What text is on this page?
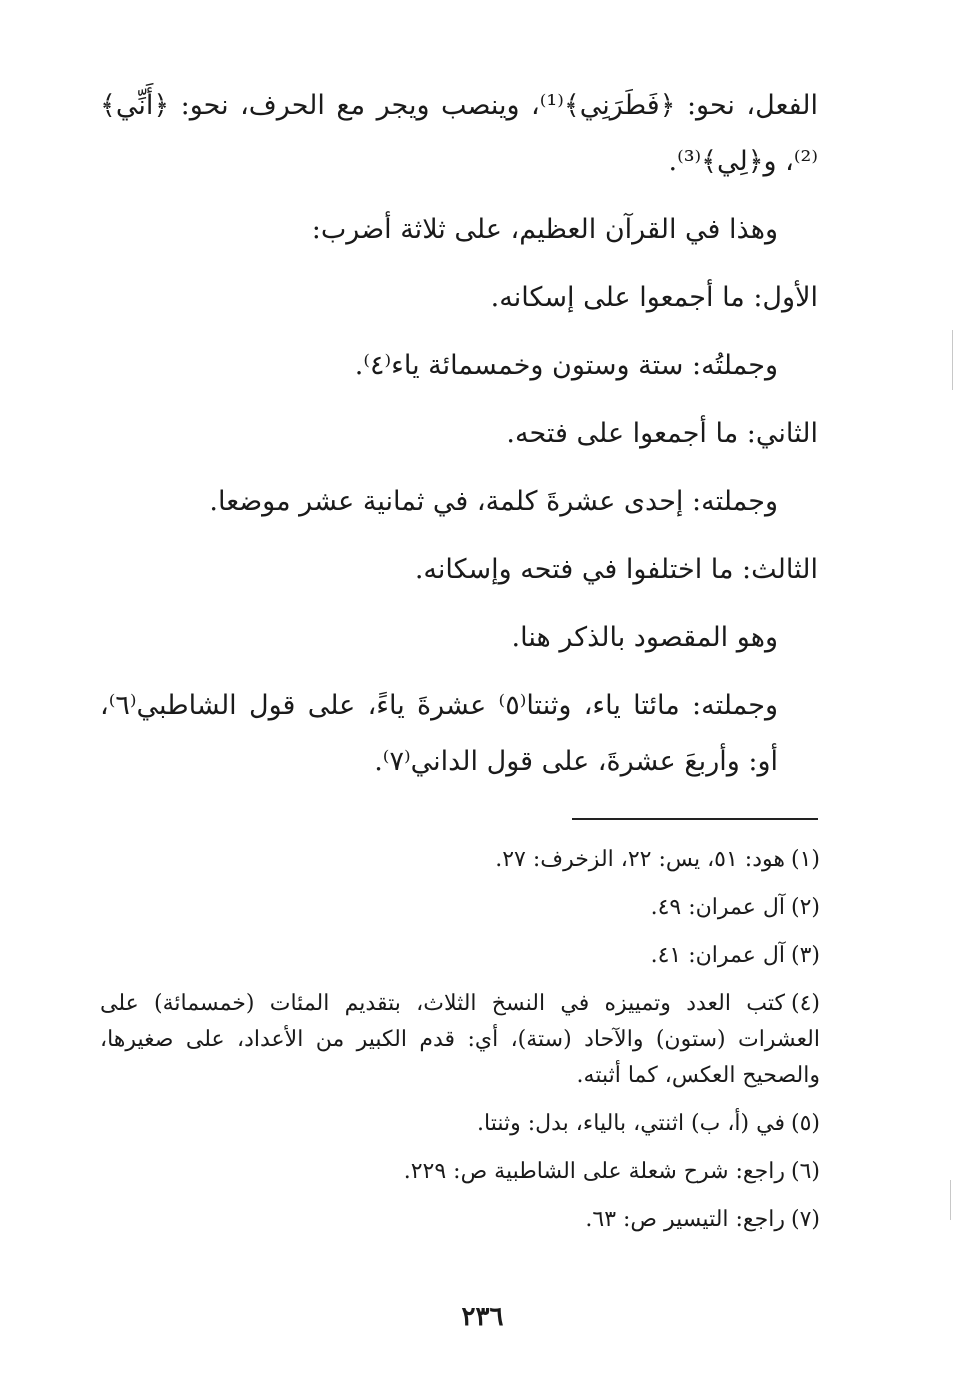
الفعل، نحو: ﴿فَطَرَنِي﴾⁽¹⁾، وينصب ويجر مع الحرف، نحو: ﴿أَنِّي﴾⁽²⁾، و﴿لِي﴾⁽³⁾.

وهذا في القرآن العظيم، على ثلاثة أضرب:

الأول: ما أجمعوا على إسكانه.

وجملتُه: ستة وستون وخمسمائة ياء⁽٤⁾.

الثاني: ما أجمعوا على فتحه.

وجملته: إحدى عشرةَ كلمة، في ثمانية عشر موضعا.

الثالث: ما اختلفوا في فتحه وإسكانه.

وهو المقصود بالذكر هنا.

وجملته: مائتا ياء، وثنتا⁽٥⁾ عشرةَ ياءً، على قول الشاطبي⁽٦⁾، أو: وأربعَ عشرةَ، على قول الداني⁽٧⁾.

(١)هود: ٥١، يس: ٢٢، الزخرف: ٢٧.

(٢)آل عمران: ٤٩.

(٣)آل عمران: ٤١.

(٤)كتب العدد وتمييزه في النسخ الثلاث، بتقديم المئات (خمسمائة) على العشرات (ستون) والآحاد (ستة)، أي: قدم الكبير من الأعداد، على صغيرها، والصحيح العكس، كما أثبته.

(٥)في (أ، ب) اثنتي، بالياء، بدل: وثنتا.

(٦)راجع: شرح شعلة على الشاطبية ص: ٢٢٩.

(٧)راجع: التيسير ص: ٦٣.

٢٣٦
